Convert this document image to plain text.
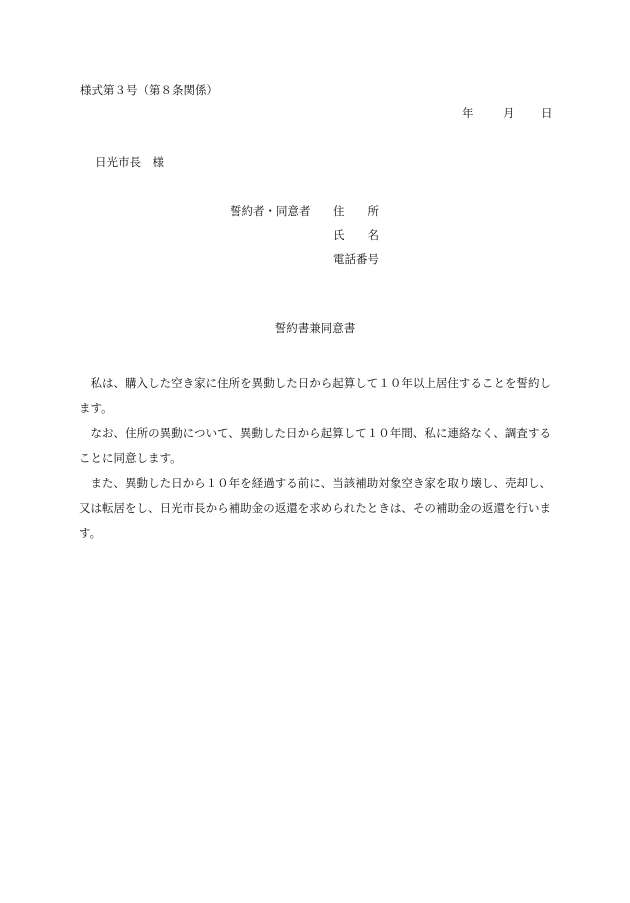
様式第３号（第８条関係）
年	月 日
日光市長　様
誓約者・同意者 住　　所
氏　　名
電話番号
誓約書兼同意書

私は、購入した空き家に住所を異動した日から起算して１０年以上居住することを誓約します。

なお、住所の異動について、異動した日から起算して１０年間、私に連絡なく、調査することに同意します。

また、異動した日から１０年を経過する前に、当該補助対象空き家を取り壊し、売却し、又は転居をし、日光市長から補助金の返還を求められたときは、その補助金の返還を行います。
